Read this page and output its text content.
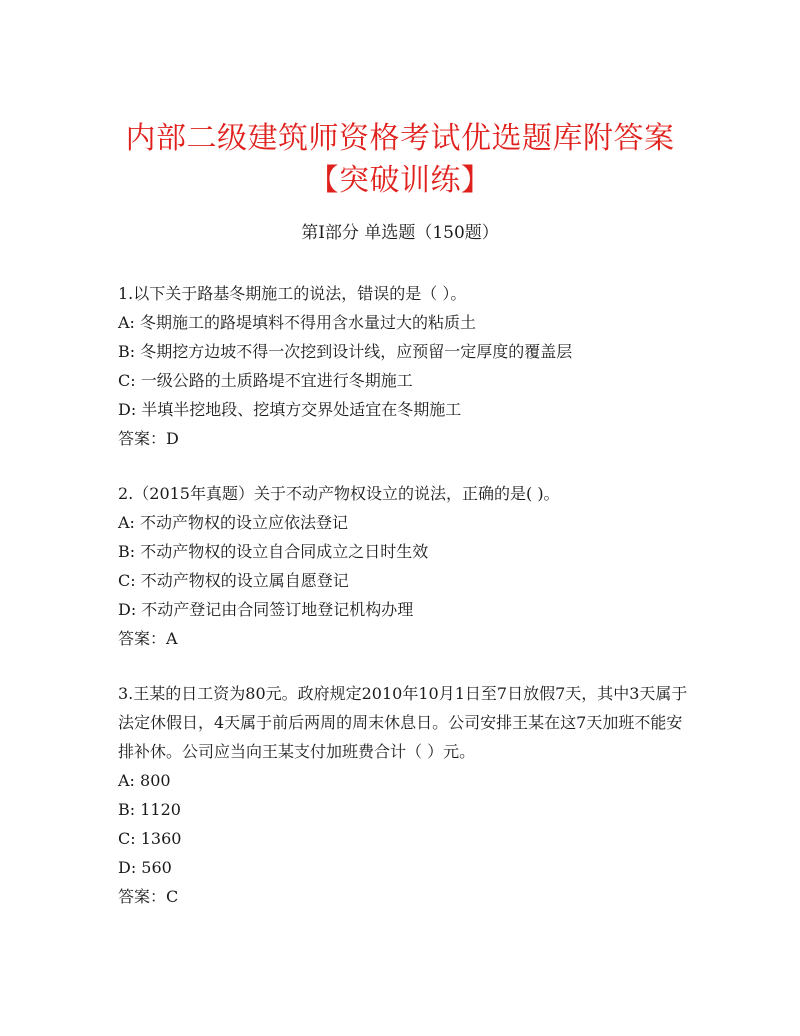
内部二级建筑师资格考试优选题库附答案【突破训练】
第Ⅰ部分 单选题（150题）
1.以下关于路基冬期施工的说法，错误的是（ ）。
A: 冬期施工的路堤填料不得用含水量过大的粘质土
B: 冬期挖方边坡不得一次挖到设计线，应预留一定厚度的覆盖层
C: 一级公路的土质路堤不宜进行冬期施工
D: 半填半挖地段、挖填方交界处适宜在冬期施工
答案：D
2.（2015年真题）关于不动产物权设立的说法，正确的是( )。
A: 不动产物权的设立应依法登记
B: 不动产物权的设立自合同成立之日时生效
C: 不动产物权的设立属自愿登记
D: 不动产登记由合同签订地登记机构办理
答案：A
3.王某的日工资为80元。政府规定2010年10月1日至7日放假7天，其中3天属于法定休假日，4天属于前后两周的周末休息日。公司安排王某在这7天加班不能安排补休。公司应当向王某支付加班费合计（ ）元。
A: 800
B: 1120
C: 1360
D: 560
答案：C
